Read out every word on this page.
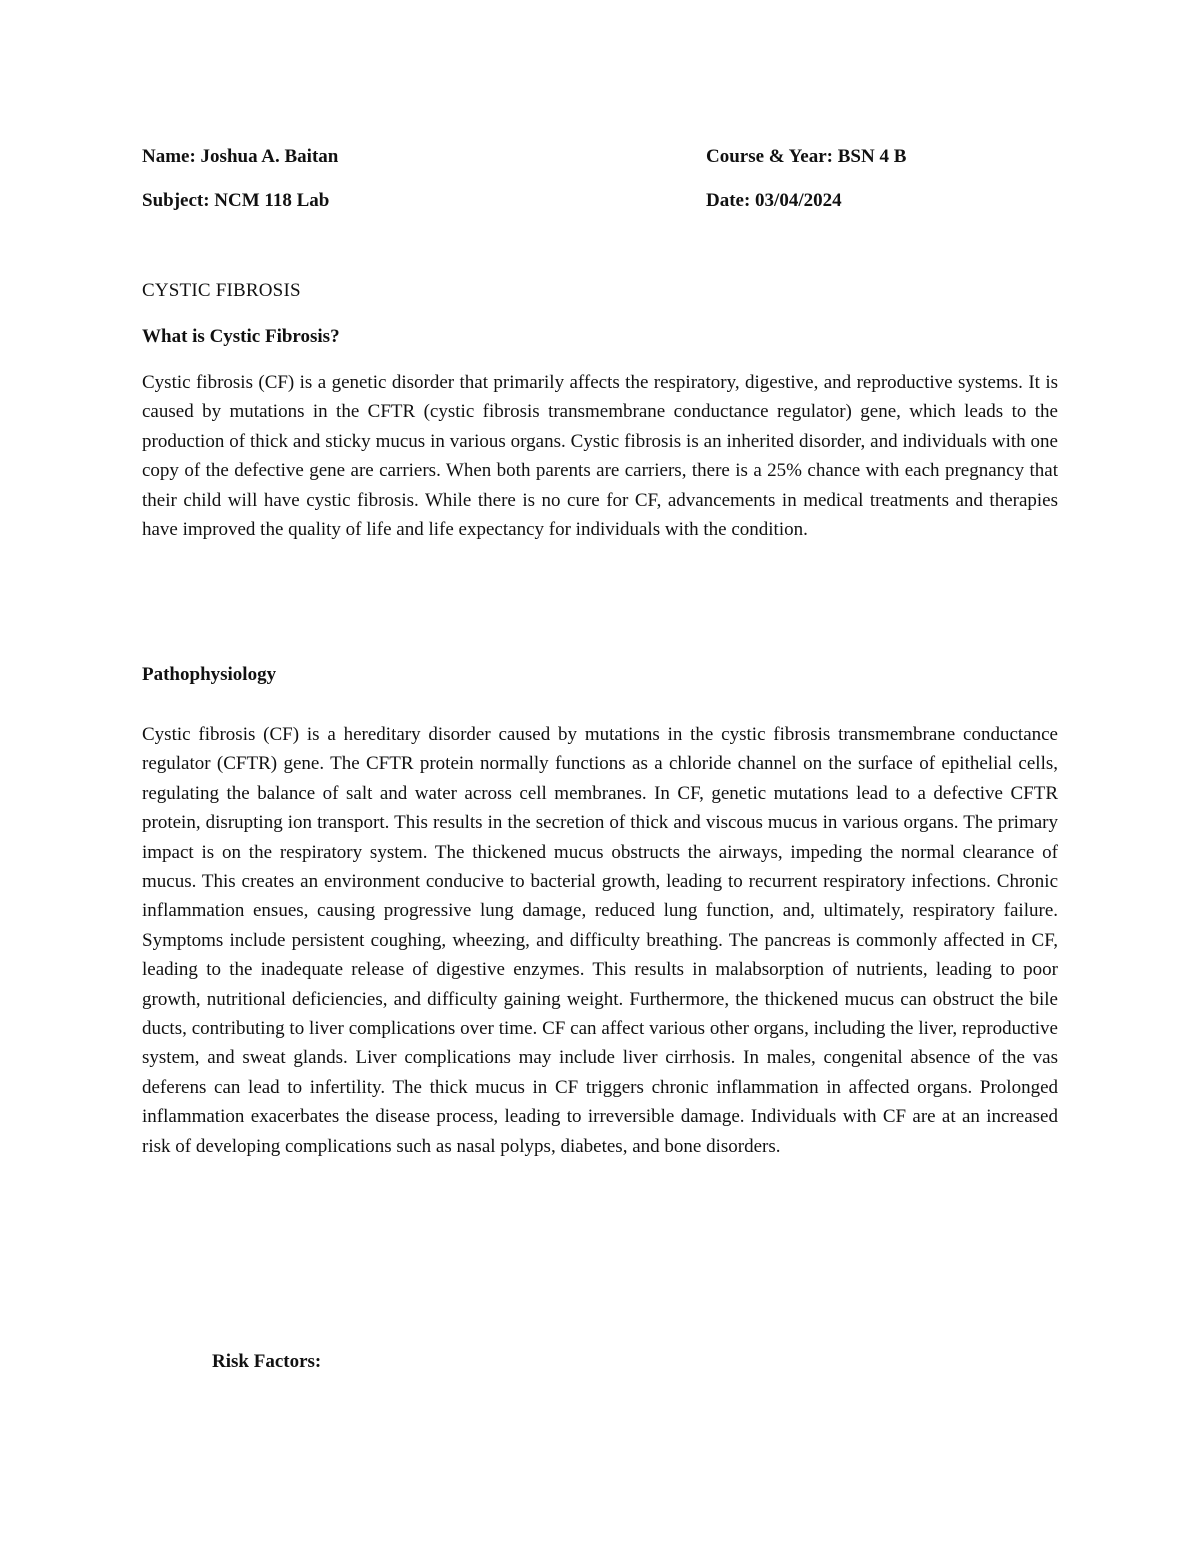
Name: Joshua A. Baitan	Course & Year: BSN 4 B
Subject: NCM 118 Lab	Date: 03/04/2024
CYSTIC FIBROSIS
What is Cystic Fibrosis?

Cystic fibrosis (CF) is a genetic disorder that primarily affects the respiratory, digestive, and reproductive systems. It is caused by mutations in the CFTR (cystic fibrosis transmembrane conductance regulator) gene, which leads to the production of thick and sticky mucus in various organs. Cystic fibrosis is an inherited disorder, and individuals with one copy of the defective gene are carriers. When both parents are carriers, there is a 25% chance with each pregnancy that their child will have cystic fibrosis. While there is no cure for CF, advancements in medical treatments and therapies have improved the quality of life and life expectancy for individuals with the condition.

Pathophysiology

Cystic fibrosis (CF) is a hereditary disorder caused by mutations in the cystic fibrosis transmembrane conductance regulator (CFTR) gene. The CFTR protein normally functions as a chloride channel on the surface of epithelial cells, regulating the balance of salt and water across cell membranes. In CF, genetic mutations lead to a defective CFTR protein, disrupting ion transport. This results in the secretion of thick and viscous mucus in various organs. The primary impact is on the respiratory system. The thickened mucus obstructs the airways, impeding the normal clearance of mucus. This creates an environment conducive to bacterial growth, leading to recurrent respiratory infections. Chronic inflammation ensues, causing progressive lung damage, reduced lung function, and, ultimately, respiratory failure. Symptoms include persistent coughing, wheezing, and difficulty breathing. The pancreas is commonly affected in CF, leading to the inadequate release of digestive enzymes. This results in malabsorption of nutrients, leading to poor growth, nutritional deficiencies, and difficulty gaining weight. Furthermore, the thickened mucus can obstruct the bile ducts, contributing to liver complications over time. CF can affect various other organs, including the liver, reproductive system, and sweat glands. Liver complications may include liver cirrhosis. In males, congenital absence of the vas deferens can lead to infertility. The thick mucus in CF triggers chronic inflammation in affected organs. Prolonged inflammation exacerbates the disease process, leading to irreversible damage. Individuals with CF are at an increased risk of developing complications such as nasal polyps, diabetes, and bone disorders.

Risk Factors:
